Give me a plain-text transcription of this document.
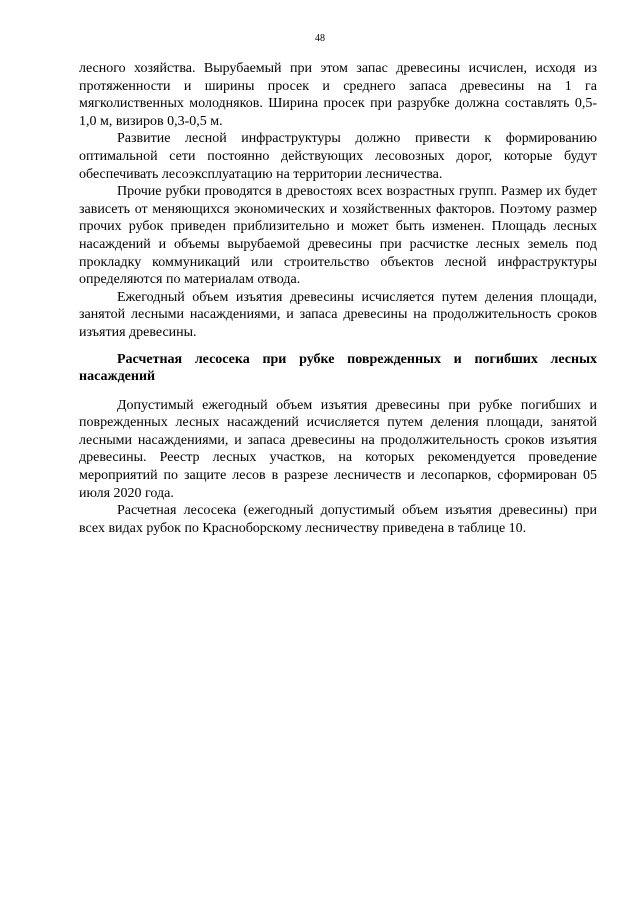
48

лесного хозяйства. Вырубаемый при этом запас древесины исчислен, исходя из протяженности и ширины просек и среднего запаса древесины на 1 га мягколиственных молодняков. Ширина просек при разрубке должна составлять 0,5-1,0 м, визиров 0,3-0,5 м.

Развитие лесной инфраструктуры должно привести к формированию оптимальной сети постоянно действующих лесовозных дорог, которые будут обеспечивать лесоэксплуатацию на территории лесничества.

Прочие рубки проводятся в древостоях всех возрастных групп. Размер их будет зависеть от меняющихся экономических и хозяйственных факторов. Поэтому размер прочих рубок приведен приблизительно и может быть изменен. Площадь лесных насаждений и объемы вырубаемой древесины при расчистке лесных земель под прокладку коммуникаций или строительство объектов лесной инфраструктуры определяются по материалам отвода.

Ежегодный объем изъятия древесины исчисляется путем деления площади, занятой лесными насаждениями, и запаса древесины на продолжительность сроков изъятия древесины.

Расчетная лесосека при рубке поврежденных и погибших лесных насаждений

Допустимый ежегодный объем изъятия древесины при рубке погибших и поврежденных лесных насаждений исчисляется путем деления площади, занятой лесными насаждениями, и запаса древесины на продолжительность сроков изъятия древесины. Реестр лесных участков, на которых рекомендуется проведение мероприятий по защите лесов в разрезе лесничеств и лесопарков, сформирован 05 июля 2020 года.

Расчетная лесосека (ежегодный допустимый объем изъятия древесины) при всех видах рубок по Красноборскому лесничеству приведена в таблице 10.
